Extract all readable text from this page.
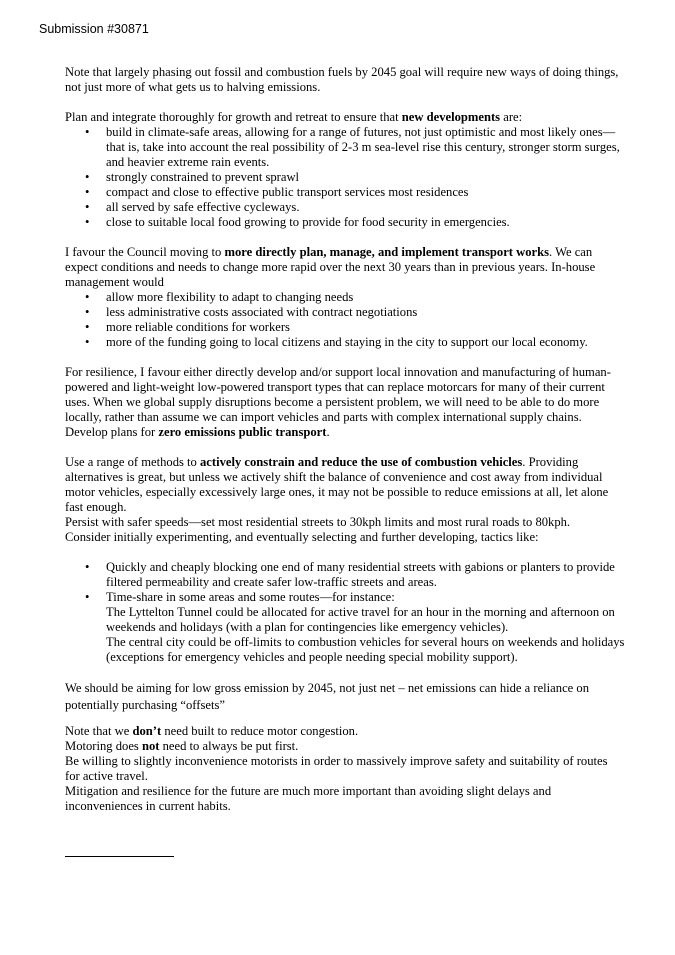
Submission #30871

Note that largely phasing out fossil and combustion fuels by 2045 goal will require new ways of doing things, not just more of what gets us to halving emissions.

Plan and integrate thoroughly for growth and retreat to ensure that new developments are:

• build in climate-safe areas, allowing for a range of futures, not just optimistic and most likely ones—that is, take into account the real possibility of 2-3 m sea-level rise this century, stronger storm surges, and heavier extreme rain events.
• strongly constrained to prevent sprawl
• compact and close to effective public transport services most residences
• all served by safe effective cycleways.
• close to suitable local food growing to provide for food security in emergencies.

I favour the Council moving to more directly plan, manage, and implement transport works. We can expect conditions and needs to change more rapid over the next 30 years than in previous years. In-house management would

• allow more flexibility to adapt to changing needs
• less administrative costs associated with contract negotiations
• more reliable conditions for workers
• more of the funding going to local citizens and staying in the city to support our local economy.

For resilience, I favour either directly develop and/or support local innovation and manufacturing of human-powered and light-weight low-powered transport types that can replace motorcars for many of their current uses. When we global supply disruptions become a persistent problem, we will need to be able to do more locally, rather than assume we can import vehicles and parts with complex international supply chains.

Develop plans for zero emissions public transport.

Use a range of methods to actively constrain and reduce the use of combustion vehicles. Providing alternatives is great, but unless we actively shift the balance of convenience and cost away from individual motor vehicles, especially excessively large ones, it may not be possible to reduce emissions at all, let alone fast enough.

Persist with safer speeds—set most residential streets to 30kph limits and most rural roads to 80kph.

Consider initially experimenting, and eventually selecting and further developing, tactics like:

• Quickly and cheaply blocking one end of many residential streets with gabions or planters to provide filtered permeability and create safer low-traffic streets and areas.
• Time-share in some areas and some routes—for instance:
The Lyttelton Tunnel could be allocated for active travel for an hour in the morning and afternoon on weekends and holidays (with a plan for contingencies like emergency vehicles).
The central city could be off-limits to combustion vehicles for several hours on weekends and holidays (exceptions for emergency vehicles and people needing special mobility support).

We should be aiming for low gross emission by 2045, not just net – net emissions can hide a reliance on potentially purchasing “offsets”

Note that we don’t need built to reduce motor congestion.

Motoring does not need to always be put first.

Be willing to slightly inconvenience motorists in order to massively improve safety and suitability of routes for active travel.

Mitigation and resilience for the future are much more important than avoiding slight delays and inconveniences in current habits.
